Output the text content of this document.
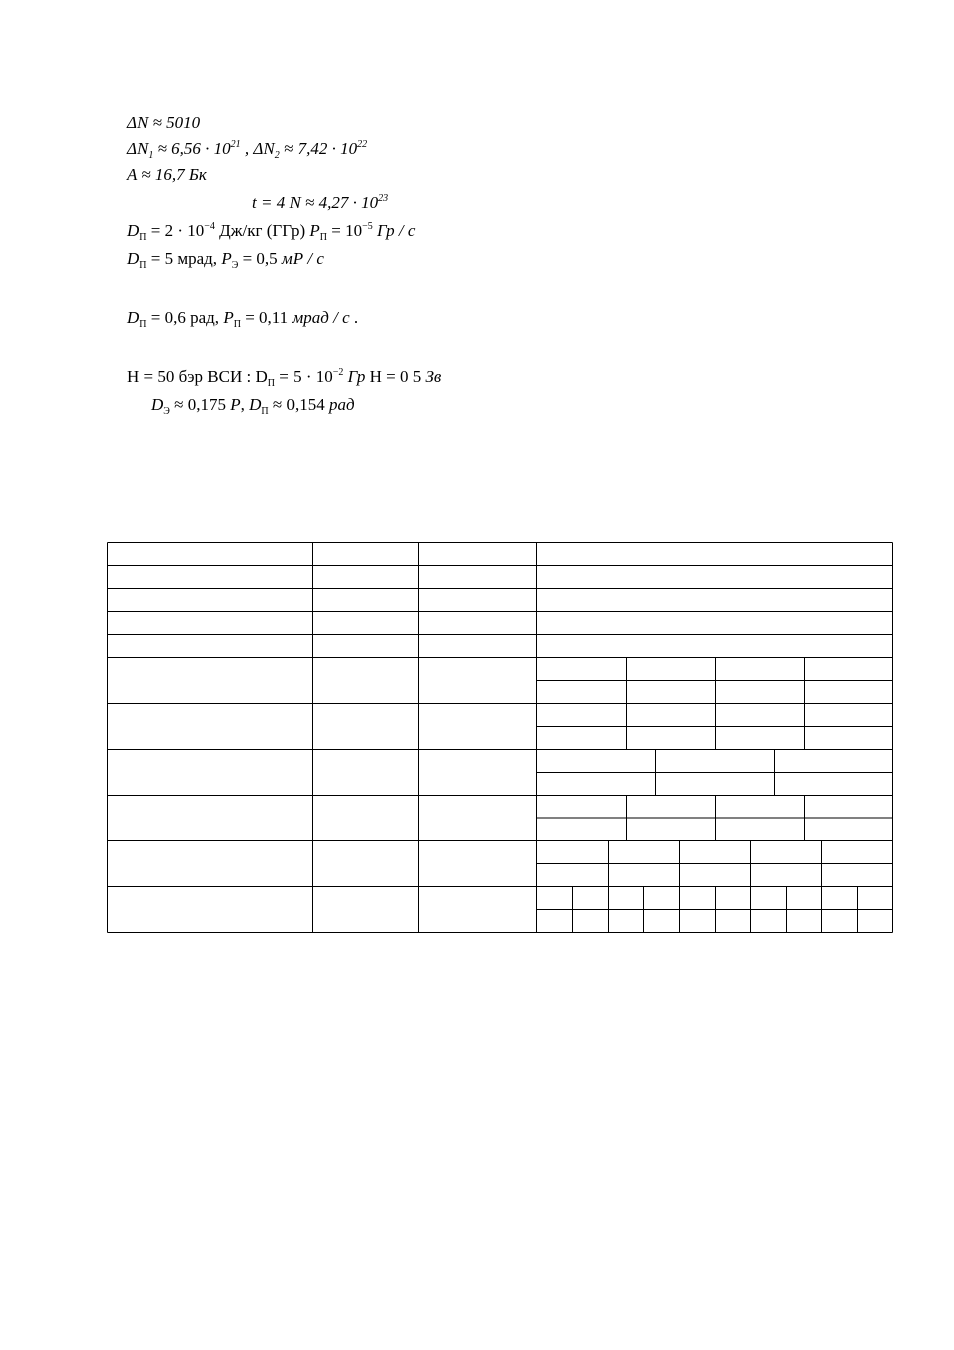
ΔN ≈ 5010
$\Delta N_1 \approx 6,56 \cdot 10^{21}$ , $\Delta N_2 \approx 7,42 \cdot 10^{22}$
A ≈ 16,7 Бк
t = 4 $N \approx 4,27 \cdot 10^{23}$
$D_П = 2 \cdot 10^{-4}$ Дж/кг (ГГр) $P_П = 10^{-5}$ Гр / с
$D_П = 5$ мрад, $P_Э = 0,5$ мР / с
$D_П = 0,6$ рад, $P_П = 0,11$ мрад / с .
H = 50 бэр ВСИ : $D_П = 5 \cdot 10^{-2}$ Гр H = 0 5 Зв
$D_Э \approx 0,175$ P, $D_П \approx 0,154$ рад
